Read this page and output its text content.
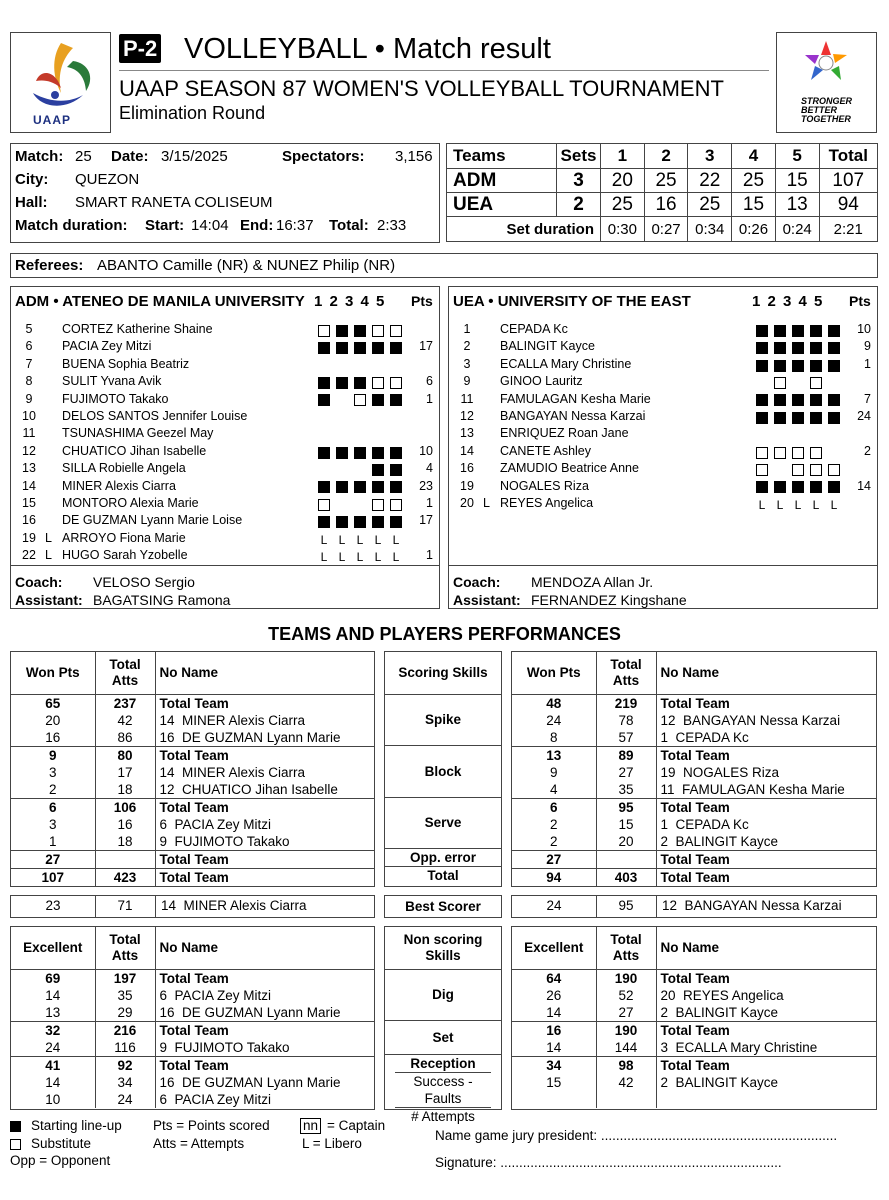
UAAP
P-2 VOLLEYBALL • Match result
UAAP SEASON 87 WOMEN'S VOLLEYBALL TOURNAMENT
Elimination Round
STRONGER
BETTER
TOGETHER
Match: 25 Date: 3/15/2025	Spectators: 3,156
City: QUEZON
Hall: SMART RANETA COLISEUM
Match duration: Start: 14:04 End: 16:37 Total: 2:33
Teams	Sets	1	2	3	4	5	Total
ADM	3	20	25	22	25	15	107
UEA	2	25	16	25	15	13	94
Set duration		0:30	0:27	0:34	0:26	0:24	2:21
Referees: ABANTO Camille (NR) & NUNEZ Philip (NR)
ADM • ATENEO DE MANILA UNIVERSITY 1 2 3 4 5 Pts
5	CORTEZ Katherine Shaine
6	PACIA Zey Mitzi	17
7	BUENA Sophia Beatriz
8	SULIT Yvana Avik	6
9	FUJIMOTO Takako	1
10	DELOS SANTOS Jennifer Louise
11	TSUNASHIMA Geezel May
12	CHUATICO Jihan Isabelle	10
13	SILLA Robielle Angela	4
14	MINER Alexis Ciarra	23
15	MONTORO Alexia Marie	1
16	DE GUZMAN Lyann Marie Loise	17
19 L ARROYO Fiona Marie	L L L L L
22 L HUGO Sarah Yzobelle	L L L L L	1
Coach: VELOSO Sergio
Assistant: BAGATSING Ramona
UEA • UNIVERSITY OF THE EAST	1 2 3 4 5 Pts
1	CEPADA Kc	10
2	BALINGIT Kayce	9
3	ECALLA Mary Christine	1
9	GINOO Lauritz
11	FAMULAGAN Kesha Marie	7
12	BANGAYAN Nessa Karzai	24
13	ENRIQUEZ Roan Jane
14	CANETE Ashley	2
16	ZAMUDIO Beatrice Anne
19	NOGALES Riza	14
20 L REYES Angelica	L L L L L
Coach: MENDOZA Allan Jr.
Assistant: FERNANDEZ Kingshane
TEAMS AND PLAYERS PERFORMANCES
Won Pts	Total Atts	No Name
65	237	Total Team
20	42	14  MINER Alexis Ciarra
16	86	16  DE GUZMAN Lyann Marie
9	80	Total Team
3	17	14  MINER Alexis Ciarra
2	18	12  CHUATICO Jihan Isabelle
6	106	Total Team
3	16	6  PACIA Zey Mitzi
1	18	9  FUJIMOTO Takako
27		Total Team
107	423	Total Team
Scoring Skills
Spike
Block
Serve
Opp. error
Total
Won Pts	Total Atts	No Name
48	219	Total Team
24	78	12  BANGAYAN Nessa Karzai
8	57	1  CEPADA Kc
13	89	Total Team
9	27	19  NOGALES Riza
4	35	11  FAMULAGAN Kesha Marie
6	95	Total Team
2	15	1  CEPADA Kc
2	20	2  BALINGIT Kayce
27		Total Team
94	403	Total Team
23	71	14  MINER Alexis Ciarra	Best Scorer	24	95	12  BANGAYAN Nessa Karzai
Excellent	Total Atts	No Name
69	197	Total Team
14	35	6  PACIA Zey Mitzi
13	29	16  DE GUZMAN Lyann Marie
32	216	Total Team
24	116	9  FUJIMOTO Takako
41	92	Total Team
14	34	16  DE GUZMAN Lyann Marie
10	24	6  PACIA Zey Mitzi
Non scoring Skills
Dig
Set

Reception
Success - Faults
# Attempts
Excellent	Total Atts	No Name
64	190	Total Team
26	52	20  REYES Angelica
14	27	2  BALINGIT Kayce
16	190	Total Team
14	144	3  ECALLA Mary Christine
34	98	Total Team
15	42	2  BALINGIT Kayce

Starting line-up
Substitute
Opp = Opponent
Pts = Points scored
Atts = Attempts
nn = Captain
L = Libero
Name game jury president: ...............................................................
Signature: ...........................................................................
